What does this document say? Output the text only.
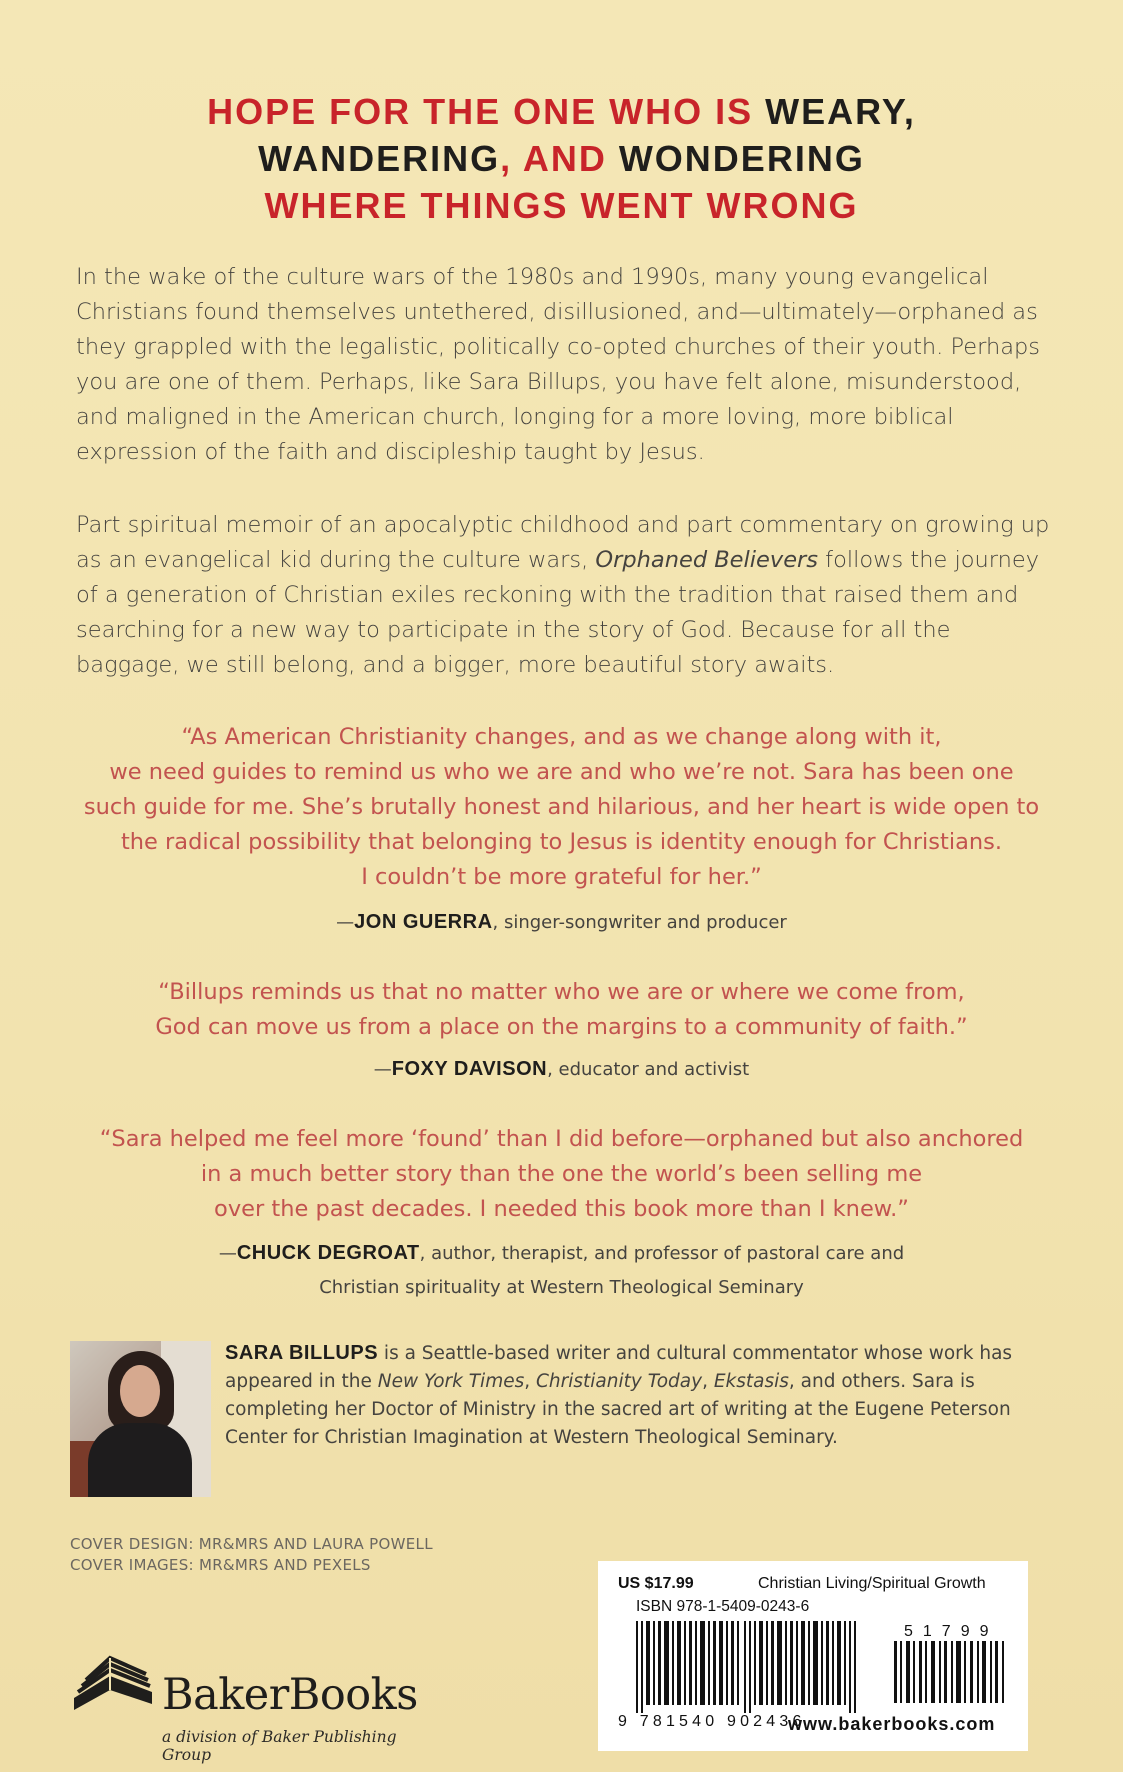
HOPE FOR THE ONE WHO IS WEARY,
WANDERING, AND WONDERING
WHERE THINGS WENT WRONG
In the wake of the culture wars of the 1980s and 1990s, many young evangelical Christians found themselves untethered, disillusioned, and—ultimately—orphaned as they grappled with the legalistic, politically co-opted churches of their youth. Perhaps you are one of them. Perhaps, like Sara Billups, you have felt alone, misunderstood, and maligned in the American church, longing for a more loving, more biblical expression of the faith and discipleship taught by Jesus.
Part spiritual memoir of an apocalyptic childhood and part commentary on growing up as an evangelical kid during the culture wars, Orphaned Believers follows the journey of a generation of Christian exiles reckoning with the tradition that raised them and searching for a new way to participate in the story of God. Because for all the baggage, we still belong, and a bigger, more beautiful story awaits.
“As American Christianity changes, and as we change along with it,
we need guides to remind us who we are and who we’re not. Sara has been one
such guide for me. She’s brutally honest and hilarious, and her heart is wide open to
the radical possibility that belonging to Jesus is identity enough for Christians.
I couldn’t be more grateful for her.”
—JON GUERRA, singer-songwriter and producer
“Billups reminds us that no matter who we are or where we come from,
God can move us from a place on the margins to a community of faith.”
—FOXY DAVISON, educator and activist
“Sara helped me feel more ‘found’ than I did before—orphaned but also anchored
in a much better story than the one the world’s been selling me
over the past decades. I needed this book more than I knew.”
—CHUCK DEGROAT, author, therapist, and professor of pastoral care and
Christian spirituality at Western Theological Seminary
SARA BILLUPS is a Seattle-based writer and cultural commentator whose work has appeared in the New York Times, Christianity Today, Ekstasis, and others. Sara is completing her Doctor of Ministry in the sacred art of writing at the Eugene Peterson Center for Christian Imagination at Western Theological Seminary.
COVER DESIGN: MR&MRS AND LAURA POWELL
COVER IMAGES: MR&MRS AND PEXELS
BakerBooks
a division of Baker Publishing Group
US $17.99	Christian Living/Spiritual Growth
ISBN 978-1-5409-0243-6
51799
9 781540 902436
www.bakerbooks.com
